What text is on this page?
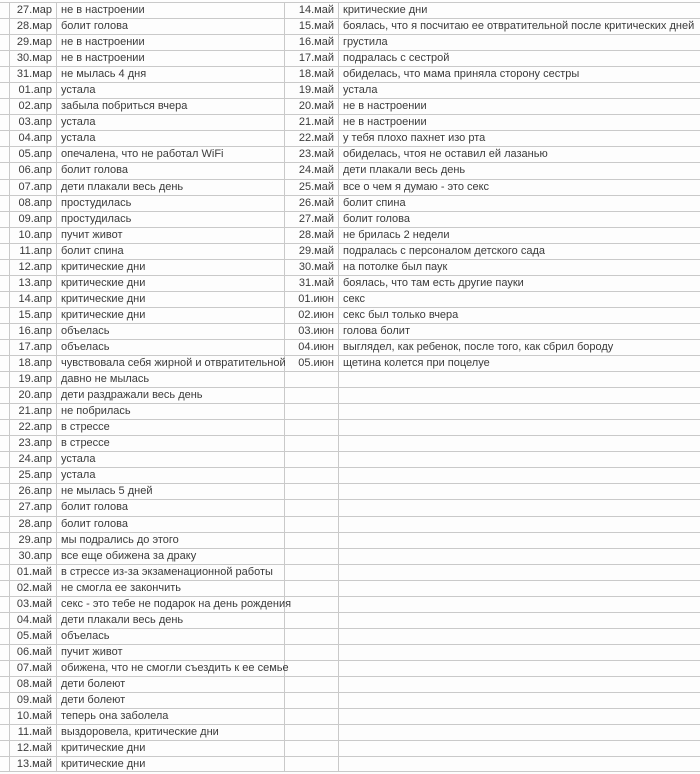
27.мар не в настроении	14.май критические дни
28.мар болит голова	15.май боялась, что я посчитаю ее отвратительной после критических дней
29.мар не в настроении	16.май грустила
30.мар не в настроении	17.май подралась с сестрой
31.мар не мылась 4 дня	18.май обиделась, что мама приняла сторону сестры
01.апр устала	19.май устала
02.апр забыла побриться вчера	20.май не в настроении
03.апр устала	21.май не в настроении
04.апр устала	22.май у тебя плохо пахнет изо рта
05.апр опечалена, что не работал WiFi	23.май обиделась, чтоя не оставил ей лазанью
06.апр болит голова	24.май дети плакали весь день
07.апр дети плакали весь день	25.май все о чем я думаю - это секс
08.апр простудилась	26.май болит спина
09.апр простудилась	27.май болит голова
10.апр пучит живот	28.май не брилась 2 недели
11.апр болит спина	29.май подралась с персоналом детского сада
12.апр критические дни	30.май на потолке был паук
13.апр критические дни	31.май боялась, что там есть другие пауки
14.апр критические дни	01.июн секс
15.апр критические дни	02.июн секс был только вчера
16.апр объелась	03.июн голова болит
17.апр объелась	04.июн выглядел, как ребенок, после того, как сбрил бороду
18.апр чувствовала себя жирной и отвратительной	05.июн щетина колется при поцелуе
19.апр давно не мылась
20.апр дети раздражали весь день
21.апр не побрилась
22.апр в стрессе
23.апр в стрессе
24.апр устала
25.апр устала
26.апр не мылась 5 дней
27.апр болит голова
28.апр болит голова
29.апр мы подрались до этого
30.апр все еще обижена за драку
01.май в стрессе из-за экзаменационной работы
02.май не смогла ее закончить
03.май секс - это тебе не подарок на день рождения
04.май дети плакали весь день
05.май объелась
06.май пучит живот
07.май обижена, что не смогли съездить к ее семье
08.май дети болеют
09.май дети болеют
10.май теперь она заболела
11.май выздоровела, критические дни
12.май критические дни
13.май критические дни
